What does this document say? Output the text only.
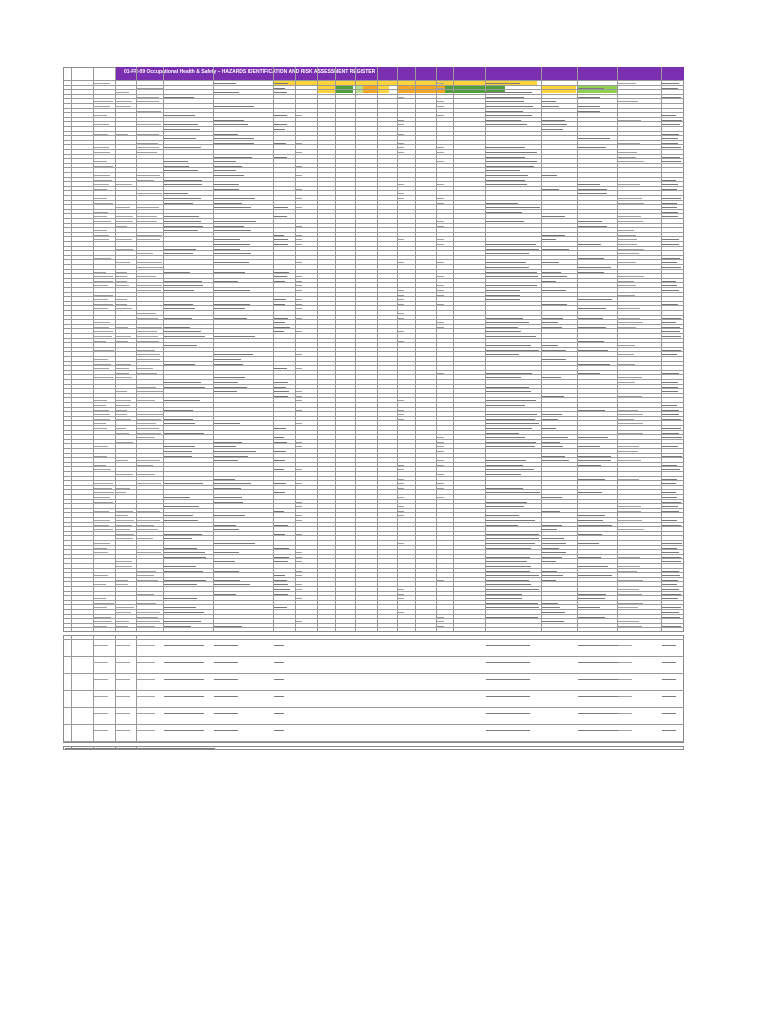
01-FR-09 Occupational Health & Safety – HAZARDS IDENTIFICATION AND RISK ASSESSMENT REGISTER
